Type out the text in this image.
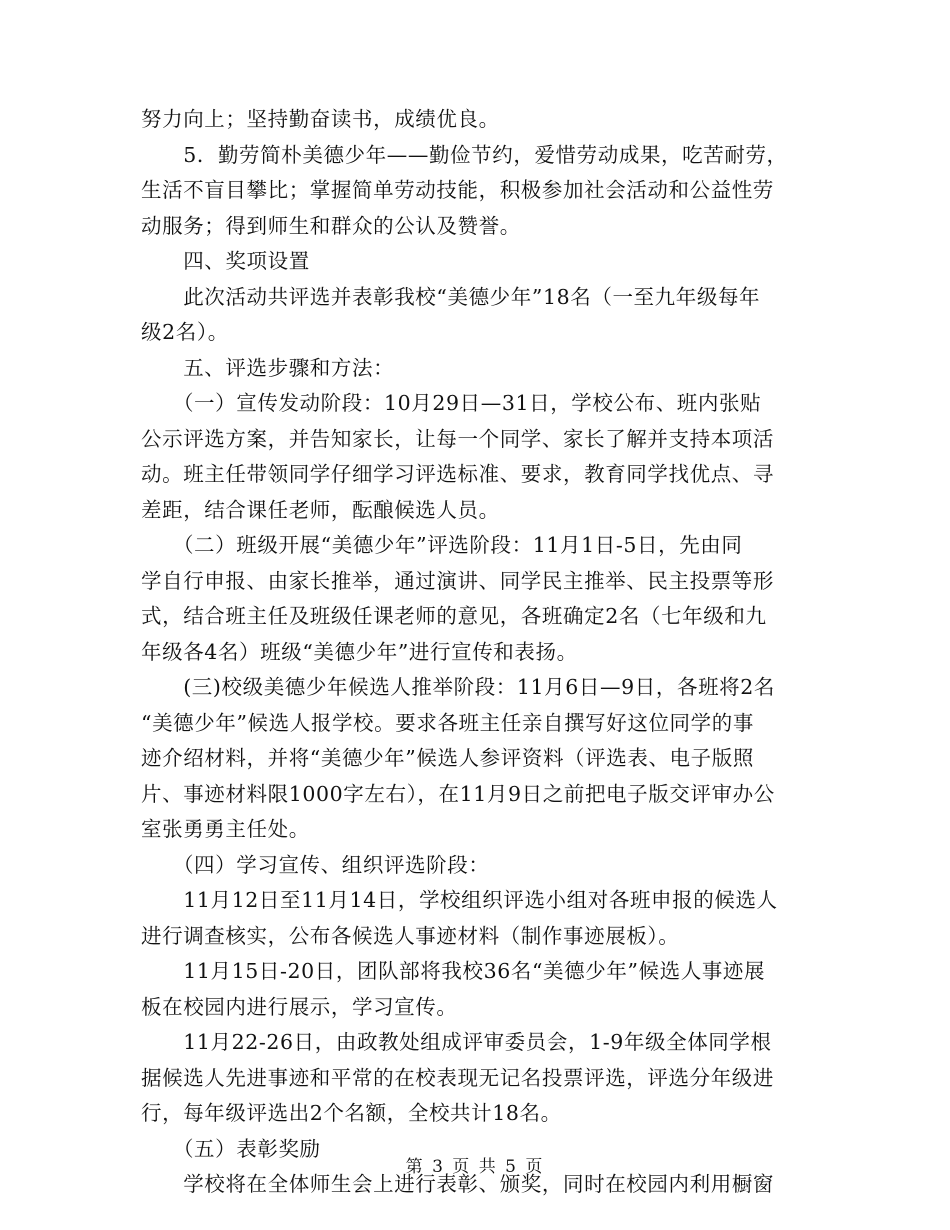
努力向上；坚持勤奋读书，成绩优良。
　　5．勤劳简朴美德少年——勤俭节约，爱惜劳动成果，吃苦耐劳，
生活不盲目攀比；掌握简单劳动技能，积极参加社会活动和公益性劳
动服务；得到师生和群众的公认及赞誉。
　　四、奖项设置
　　此次活动共评选并表彰我校“美德少年”18名（一至九年级每年
级2名）。
　　五、评选步骤和方法：
　　（一）宣传发动阶段：10月29日—31日，学校公布、班内张贴
公示评选方案，并告知家长，让每一个同学、家长了解并支持本项活
动。班主任带领同学仔细学习评选标准、要求，教育同学找优点、寻
差距，结合课任老师，酝酿候选人员。
　　（二）班级开展“美德少年”评选阶段：11月1日-5日，先由同
学自行申报、由家长推举，通过演讲、同学民主推举、民主投票等形
式，结合班主任及班级任课老师的意见，各班确定2名（七年级和九
年级各4名）班级“美德少年”进行宣传和表扬。
　　(三)校级美德少年候选人推举阶段：11月6日—9日，各班将2名
“美德少年”候选人报学校。要求各班主任亲自撰写好这位同学的事
迹介绍材料，并将“美德少年”候选人参评资料（评选表、电子版照
片、事迹材料限1000字左右），在11月9日之前把电子版交评审办公
室张勇勇主任处。
　　（四）学习宣传、组织评选阶段：
　　11月12日至11月14日，学校组织评选小组对各班申报的候选人
进行调查核实，公布各候选人事迹材料（制作事迹展板）。
　　11月15日-20日，团队部将我校36名“美德少年”候选人事迹展
板在校园内进行展示，学习宣传。
　　11月22-26日，由政教处组成评审委员会，1-9年级全体同学根
据候选人先进事迹和平常的在校表现无记名投票评选，评选分年级进
行，每年级评选出2个名额，全校共计18名。
　　（五）表彰奖励
　　学校将在全体师生会上进行表彰、颁奖，同时在校园内利用橱窗
第 3 页 共 5 页
